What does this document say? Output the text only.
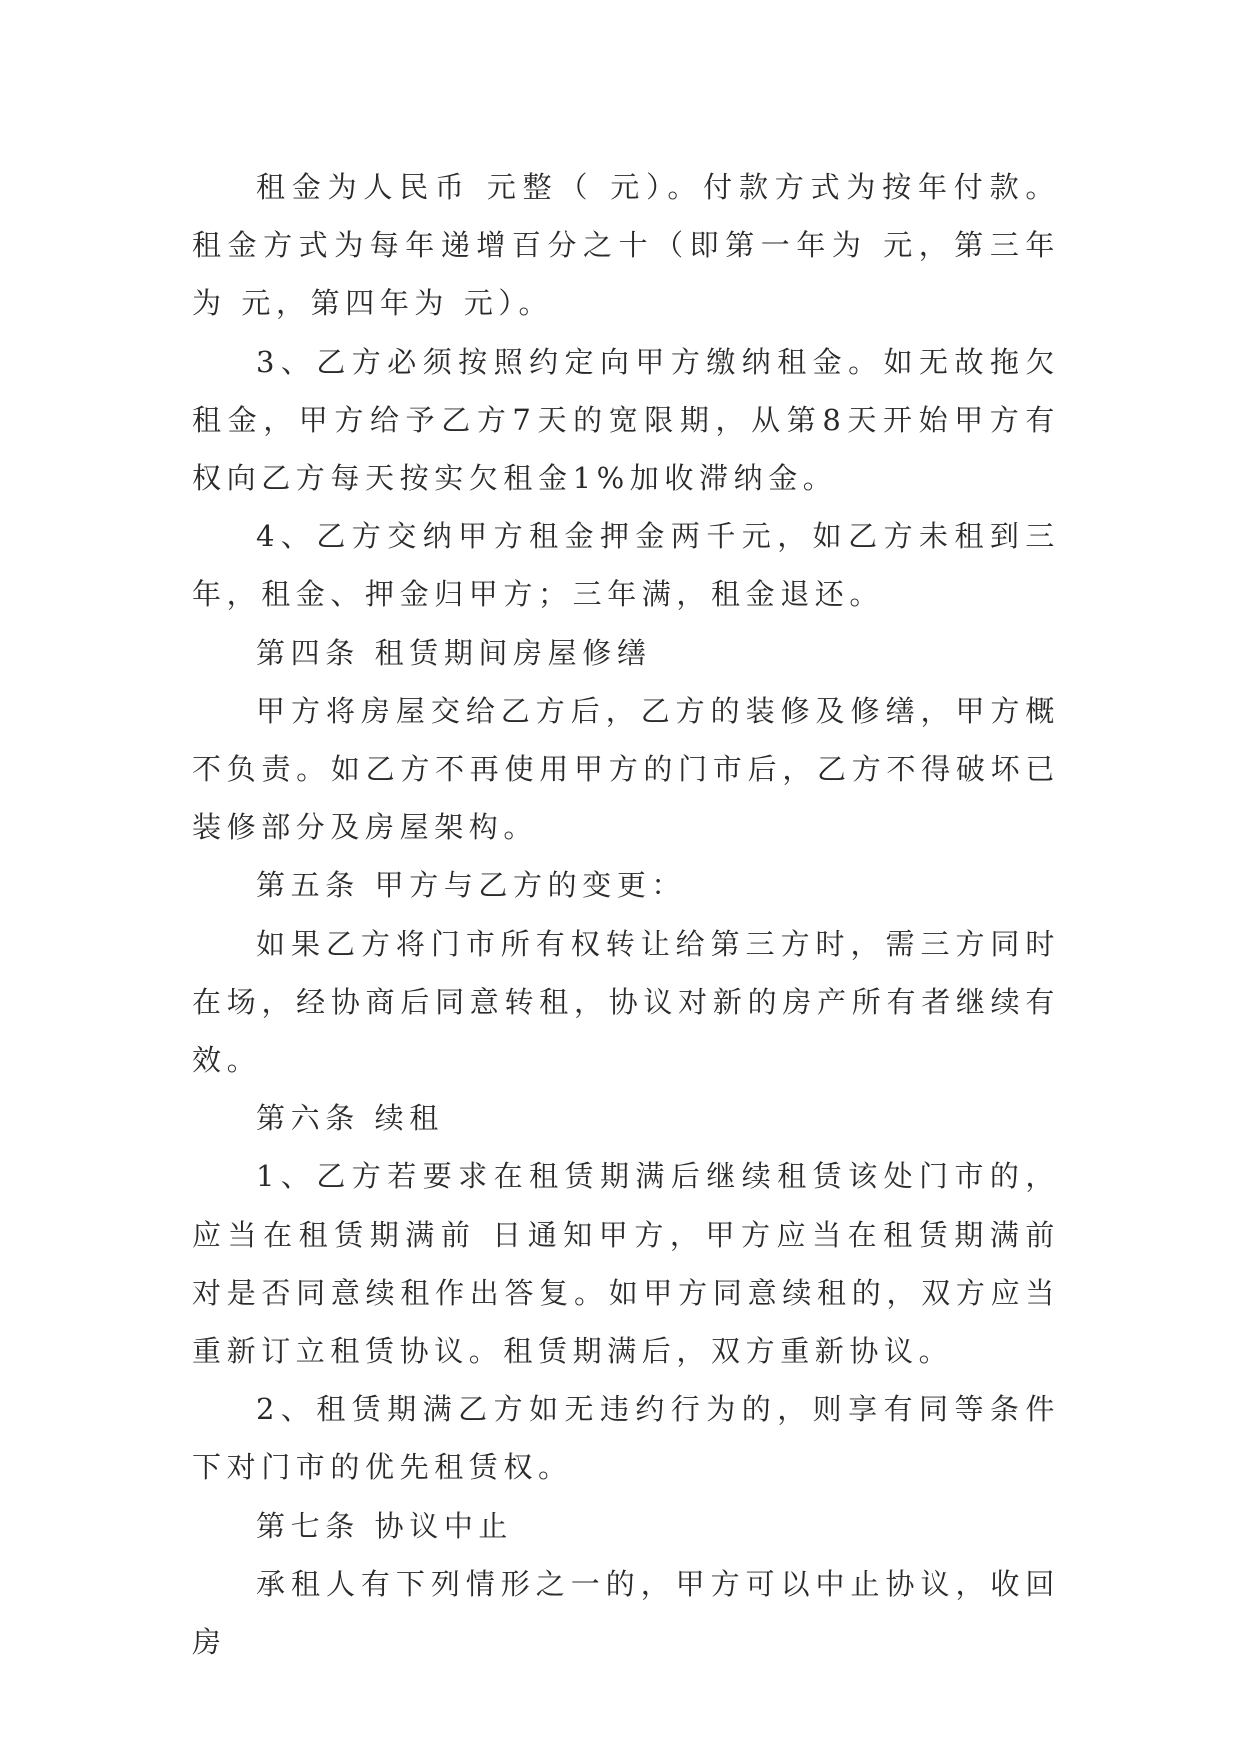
租金为人民币 元整（ 元）。付款方式为按年付款。租金方式为每年递增百分之十（即第一年为 元，第三年为 元，第四年为 元）。

3、乙方必须按照约定向甲方缴纳租金。如无故拖欠租金，甲方给予乙方7天的宽限期，从第8天开始甲方有权向乙方每天按实欠租金1%加收滞纳金。

4、乙方交纳甲方租金押金两千元，如乙方未租到三年，租金、押金归甲方；三年满，租金退还。

第四条 租赁期间房屋修缮

甲方将房屋交给乙方后，乙方的装修及修缮，甲方概不负责。如乙方不再使用甲方的门市后，乙方不得破坏已装修部分及房屋架构。

第五条 甲方与乙方的变更：

如果乙方将门市所有权转让给第三方时，需三方同时在场，经协商后同意转租，协议对新的房产所有者继续有效。

第六条 续租

1、乙方若要求在租赁期满后继续租赁该处门市的，应当在租赁期满前 日通知甲方，甲方应当在租赁期满前对是否同意续租作出答复。如甲方同意续租的，双方应当重新订立租赁协议。租赁期满后，双方重新协议。

2、租赁期满乙方如无违约行为的，则享有同等条件下对门市的优先租赁权。

第七条 协议中止

承租人有下列情形之一的，甲方可以中止协议，收回房
